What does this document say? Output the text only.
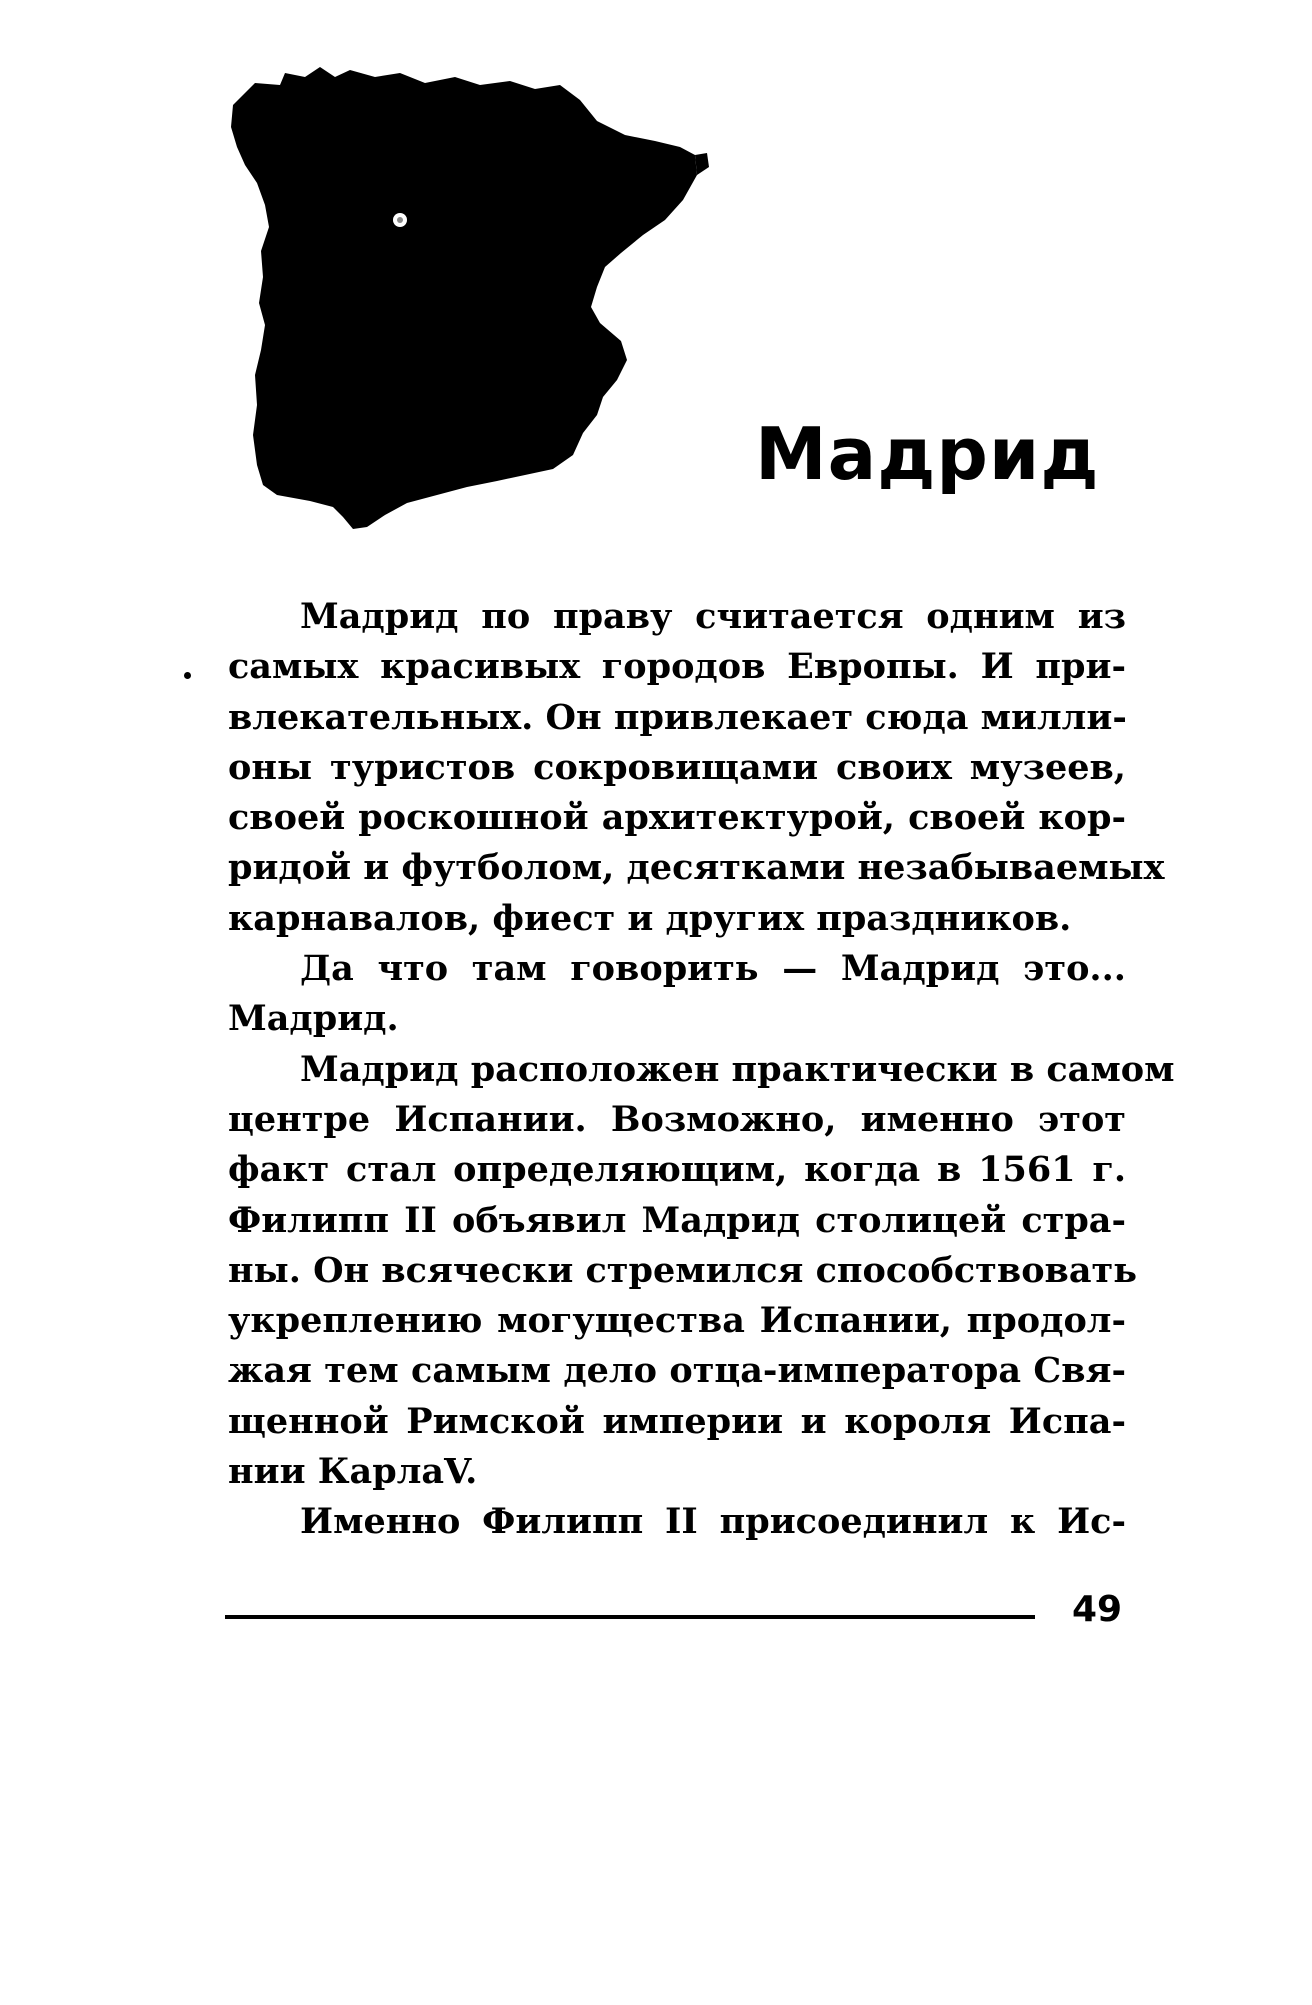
Мадрид
Мадрид по праву считается одним из
самых красивых городов Европы. И при-
влекательных. Он привлекает сюда милли-
оны туристов сокровищами своих музеев,
своей роскошной архитектурой, своей кор-
ридой и футболом, десятками незабываемых
карнавалов, фиест и других праздников.
Да что там говорить — Мадрид это...
Мадрид.
Мадрид расположен практически в самом
центре Испании. Возможно, именно этот
факт стал определяющим, когда в 1561 г.
Филипп II объявил Мадрид столицей стра-
ны. Он всячески стремился способствовать
укреплению могущества Испании, продол-
жая тем самым дело отца-императора Свя-
щенной Римской империи и короля Испа-
нии КарлаV.
Именно Филипп II присоединил к Ис-
49
